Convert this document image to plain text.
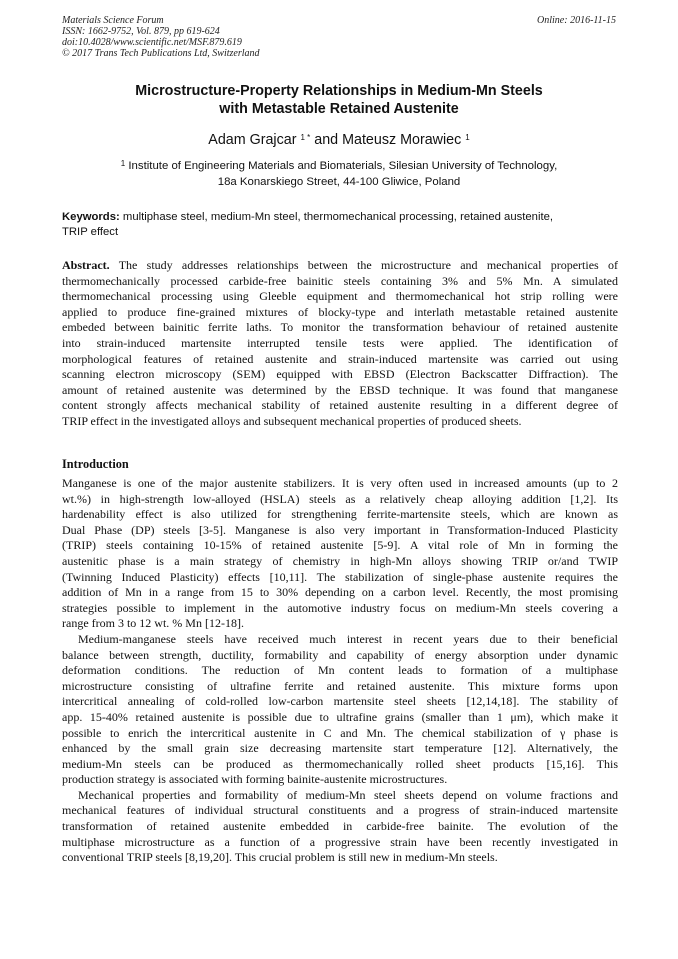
Materials Science Forum
ISSN: 1662-9752, Vol. 879, pp 619-624
doi:10.4028/www.scientific.net/MSF.879.619
© 2017 Trans Tech Publications Ltd, Switzerland
Online: 2016-11-15
Microstructure-Property Relationships in Medium-Mn Steels
with Metastable Retained Austenite
Adam Grajcar $^{1 *}$ and Mateusz Morawiec $^1$
$^1$ Institute of Engineering Materials and Biomaterials, Silesian University of Technology,
18a Konarskiego Street, 44-100 Gliwice, Poland
Keywords: multiphase steel, medium-Mn steel, thermomechanical processing, retained austenite,
TRIP effect
Abstract. The study addresses relationships between the microstructure and mechanical properties of
thermomechanically processed carbide-free bainitic steels containing 3% and 5% Mn. A simulated
thermomechanical processing using Gleeble equipment and thermomechanical hot strip rolling were
applied to produce fine-grained mixtures of blocky-type and interlath metastable retained austenite
embeded between bainitic ferrite laths. To monitor the transformation behaviour of retained austenite
into strain-induced martensite interrupted tensile tests were applied. The identification of
morphological features of retained austenite and strain-induced martensite was carried out using
scanning electron microscopy (SEM) equipped with EBSD (Electron Backscatter Diffraction). The
amount of retained austenite was determined by the EBSD technique. It was found that manganese
content strongly affects mechanical stability of retained austenite resulting in a different degree of
TRIP effect in the investigated alloys and subsequent mechanical properties of produced sheets.
Introduction
Manganese is one of the major austenite stabilizers. It is very often used in increased amounts (up to 2
wt.%) in high-strength low-alloyed (HSLA) steels as a relatively cheap alloying addition [1,2]. Its
hardenability effect is also utilized for strengthening ferrite-martensite steels, which are known as
Dual Phase (DP) steels [3-5]. Manganese is also very important in Transformation-Induced Plasticity
(TRIP) steels containing 10-15% of retained austenite [5-9]. A vital role of Mn in forming the
austenitic phase is a main strategy of chemistry in high-Mn alloys showing TRIP or/and TWIP
(Twinning Induced Plasticity) effects [10,11]. The stabilization of single-phase austenite requires the
addition of Mn in a range from 15 to 30% depending on a carbon level. Recently, the most promising
strategies possible to implement in the automotive industry focus on medium-Mn steels covering a
range from 3 to 12 wt. % Mn [12-18].
Medium-manganese steels have received much interest in recent years due to their beneficial
balance between strength, ductility, formability and capability of energy absorption under dynamic
deformation conditions. The reduction of Mn content leads to formation of a multiphase
microstructure consisting of ultrafine ferrite and retained austenite. This mixture forms upon
intercritical annealing of cold-rolled low-carbon martensite steel sheets [12,14,18]. The stability of
app. 15-40% retained austenite is possible due to ultrafine grains (smaller than 1 μm), which make it
possible to enrich the intercritical austenite in C and Mn. The chemical stabilization of γ phase is
enhanced by the small grain size decreasing martensite start temperature [12]. Alternatively, the
medium-Mn steels can be produced as thermomechanically rolled sheet products [15,16]. This
production strategy is associated with forming bainite-austenite microstructures.
Mechanical properties and formability of medium-Mn steel sheets depend on volume fractions and
mechanical features of individual structural constituents and a progress of strain-induced martensite
transformation of retained austenite embedded in carbide-free bainite. The evolution of the
multiphase microstructure as a function of a progressive strain have been recently investigated in
conventional TRIP steels [8,19,20]. This crucial problem is still new in medium-Mn steels.
